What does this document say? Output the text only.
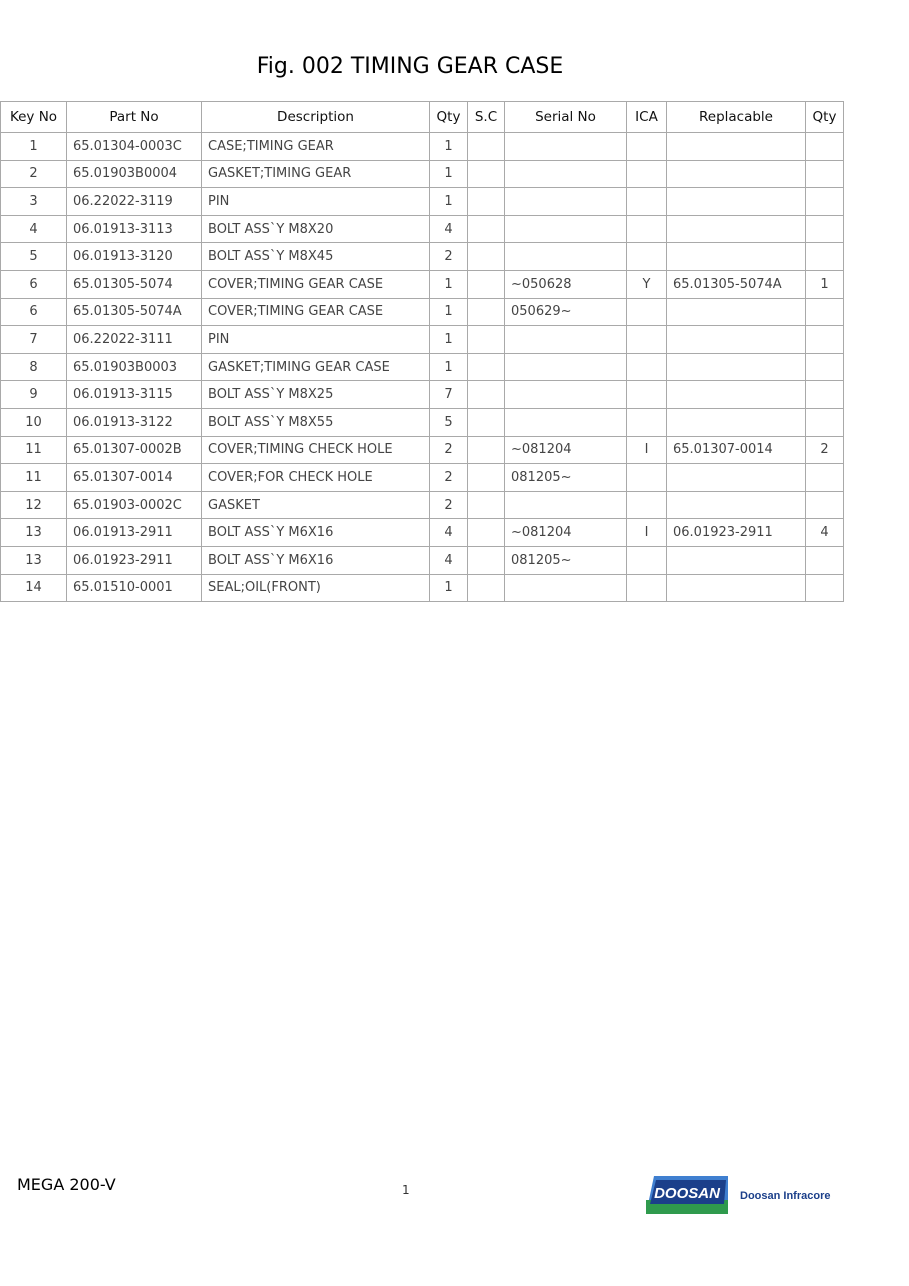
Fig. 002 TIMING GEAR CASE
Key No	Part No	Description	Qty	S.C	Serial No	ICA	Replacable	Qty
1	65.01304-0003C	CASE;TIMING GEAR	1					
2	65.01903B0004	GASKET;TIMING GEAR	1					
3	06.22022-3119	PIN	1					
4	06.01913-3113	BOLT ASS`Y M8X20	4					
5	06.01913-3120	BOLT ASS`Y M8X45	2					
6	65.01305-5074	COVER;TIMING GEAR CASE	1		~050628	Y	65.01305-5074A	1
6	65.01305-5074A	COVER;TIMING GEAR CASE	1		050629~			
7	06.22022-3111	PIN	1					
8	65.01903B0003	GASKET;TIMING GEAR CASE	1					
9	06.01913-3115	BOLT ASS`Y M8X25	7					
10	06.01913-3122	BOLT ASS`Y M8X55	5					
11	65.01307-0002B	COVER;TIMING CHECK HOLE	2		~081204	I	65.01307-0014	2
11	65.01307-0014	COVER;FOR CHECK HOLE	2		081205~			
12	65.01903-0002C	GASKET	2					
13	06.01913-2911	BOLT ASS`Y M6X16	4		~081204	I	06.01923-2911	4
13	06.01923-2911	BOLT ASS`Y M6X16	4		081205~			
14	65.01510-0001	SEAL;OIL(FRONT)	1					
MEGA 200-V	1	DOOSAN Doosan Infracore
